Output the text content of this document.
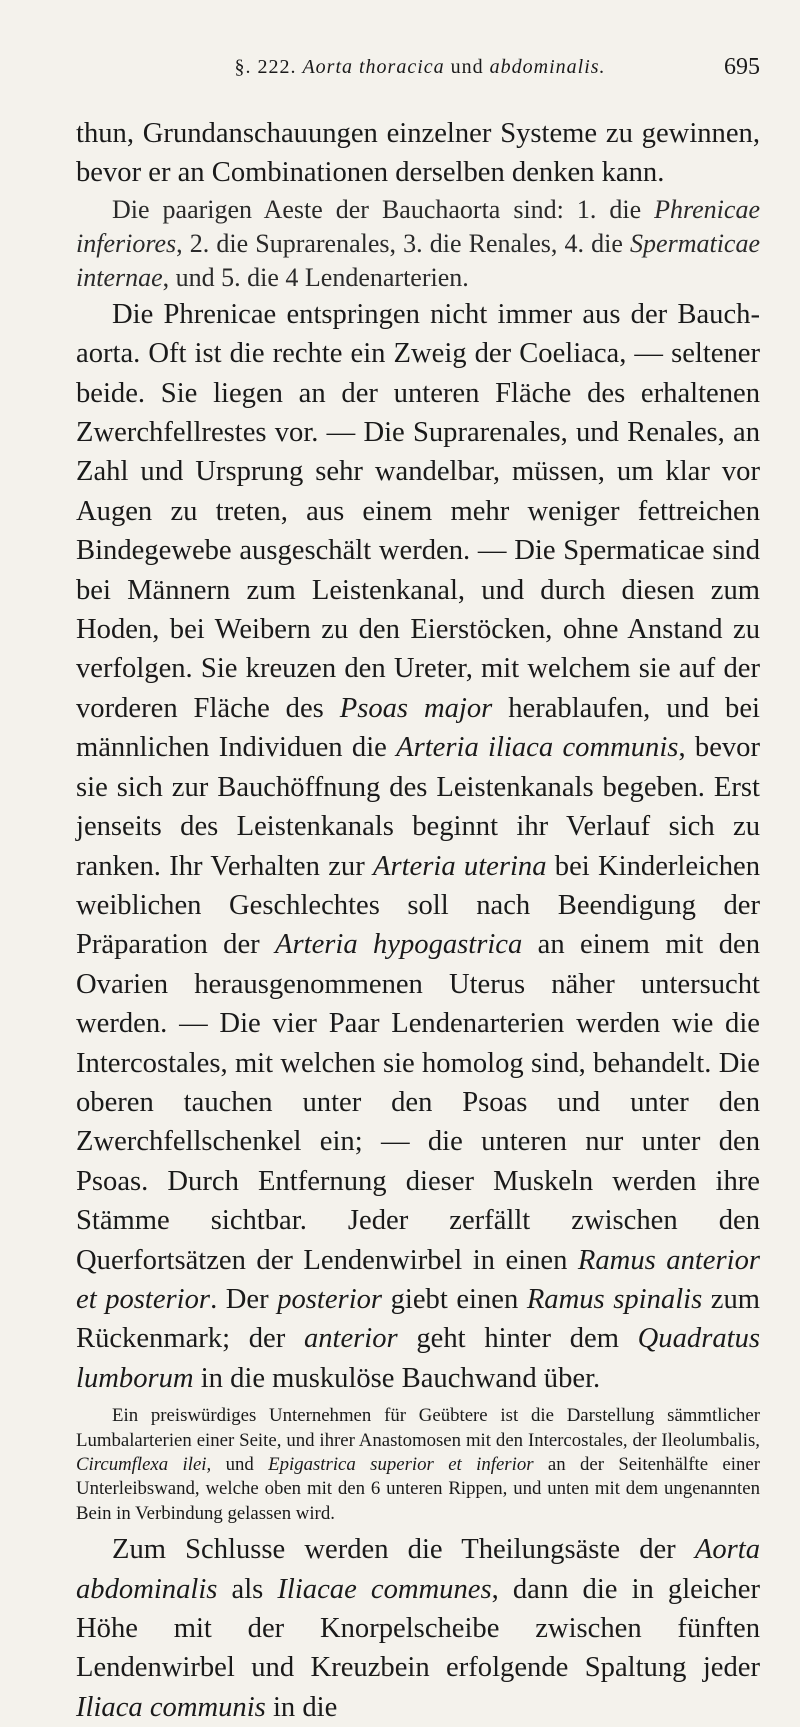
§. 222. Aorta thoracica und abdominalis.	695

thun, Grundanschauungen einzelner Systeme zu gewinnen, bevor er an Combinationen derselben denken kann.

Die paarigen Aeste der Bauchaorta sind: 1. die Phrenicae inferiores, 2. die Suprarenales, 3. die Renales, 4. die Spermaticae internae, und 5. die 4 Lendenarterien.

Die Phrenicae entspringen nicht immer aus der Bauchaorta. Oft ist die rechte ein Zweig der Coeliaca, — seltener beide. Sie liegen an der unteren Fläche des erhaltenen Zwerchfellrestes vor. — Die Suprarenales, und Renales, an Zahl und Ursprung sehr wandelbar, müssen, um klar vor Augen zu treten, aus einem mehr weniger fettreichen Bindegewebe ausgeschält werden. — Die Spermaticae sind bei Männern zum Leistenkanal, und durch diesen zum Hoden, bei Weibern zu den Eierstöcken, ohne Anstand zu verfolgen. Sie kreuzen den Ureter, mit welchem sie auf der vorderen Fläche des Psoas major herablaufen, und bei männlichen Individuen die Arteria iliaca communis, bevor sie sich zur Bauchöffnung des Leistenkanals begeben. Erst jenseits des Leistenkanals beginnt ihr Verlauf sich zu ranken. Ihr Verhalten zur Arteria uterina bei Kinderleichen weiblichen Geschlechtes soll nach Beendigung der Präparation der Arteria hypogastrica an einem mit den Ovarien herausgenommenen Uterus näher untersucht werden. — Die vier Paar Lendenarterien werden wie die Intercostales, mit welchen sie homolog sind, behandelt. Die oberen tauchen unter den Psoas und unter den Zwerchfellschenkel ein; — die unteren nur unter den Psoas. Durch Entfernung dieser Muskeln werden ihre Stämme sichtbar. Jeder zerfällt zwischen den Querfortsätzen der Lendenwirbel in einen Ramus anterior et posterior. Der posterior giebt einen Ramus spinalis zum Rückenmark; der anterior geht hinter dem Quadratus lumborum in die muskulöse Bauchwand über.

Ein preiswürdiges Unternehmen für Geübtere ist die Darstellung sämmtlicher Lumbalarterien einer Seite, und ihrer Anastomosen mit den Intercostales, der Ileolumbalis, Circumflexa ilei, und Epigastrica superior et inferior an der Seitenhälfte einer Unterleibswand, welche oben mit den 6 unteren Rippen, und unten mit dem ungenannten Bein in Verbindung gelassen wird.

Zum Schlusse werden die Theilungsäste der Aorta abdominalis als Iliacae communes, dann die in gleicher Höhe mit der Knorpelscheibe zwischen fünften Lendenwirbel und Kreuzbein erfolgende Spaltung jeder Iliaca communis in die
